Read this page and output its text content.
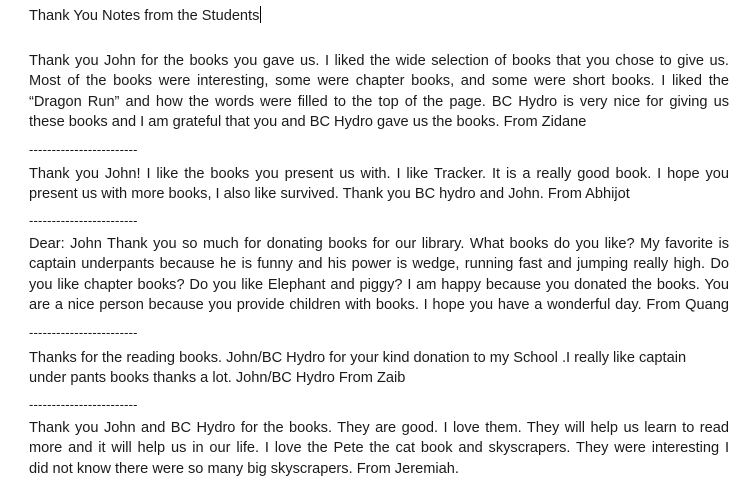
Thank You Notes from the Students
Thank you John for the books you gave us. I liked the wide selection of books that you chose to give us.
Most of the books were interesting, some were chapter books, and some were short books. I liked the
“Dragon Run” and how the words were filled to the top of the page. BC Hydro is very nice for giving us
these books and I am grateful that you and BC Hydro gave us the books. From Zidane
------------------------
Thank you John! I like the books you present us with. I like Tracker. It is a really good book. I hope you
present us with more books, I also like survived. Thank you BC hydro and John. From Abhijot
------------------------
Dear: John Thank you so much for donating books for our library. What books do you like? My favorite is
captain underpants because he is funny and his power is wedge, running fast and jumping really high. Do
you like chapter books? Do you like Elephant and piggy? I am happy because you donated the books. You
are a nice person because you provide children with books. I hope you have a wonderful day. From Quang
------------------------
Thanks for the reading books. John/BC Hydro for your kind donation to my School .I really like captain
under pants books thanks a lot. John/BC Hydro From Zaib
------------------------
Thank you John and BC Hydro for the books. They are good. I love them. They will help us learn to read
more and it will help us in our life. I love the Pete the cat book and skyscrapers. They were interesting I
did not know there were so many big skyscrapers. From Jeremiah.
